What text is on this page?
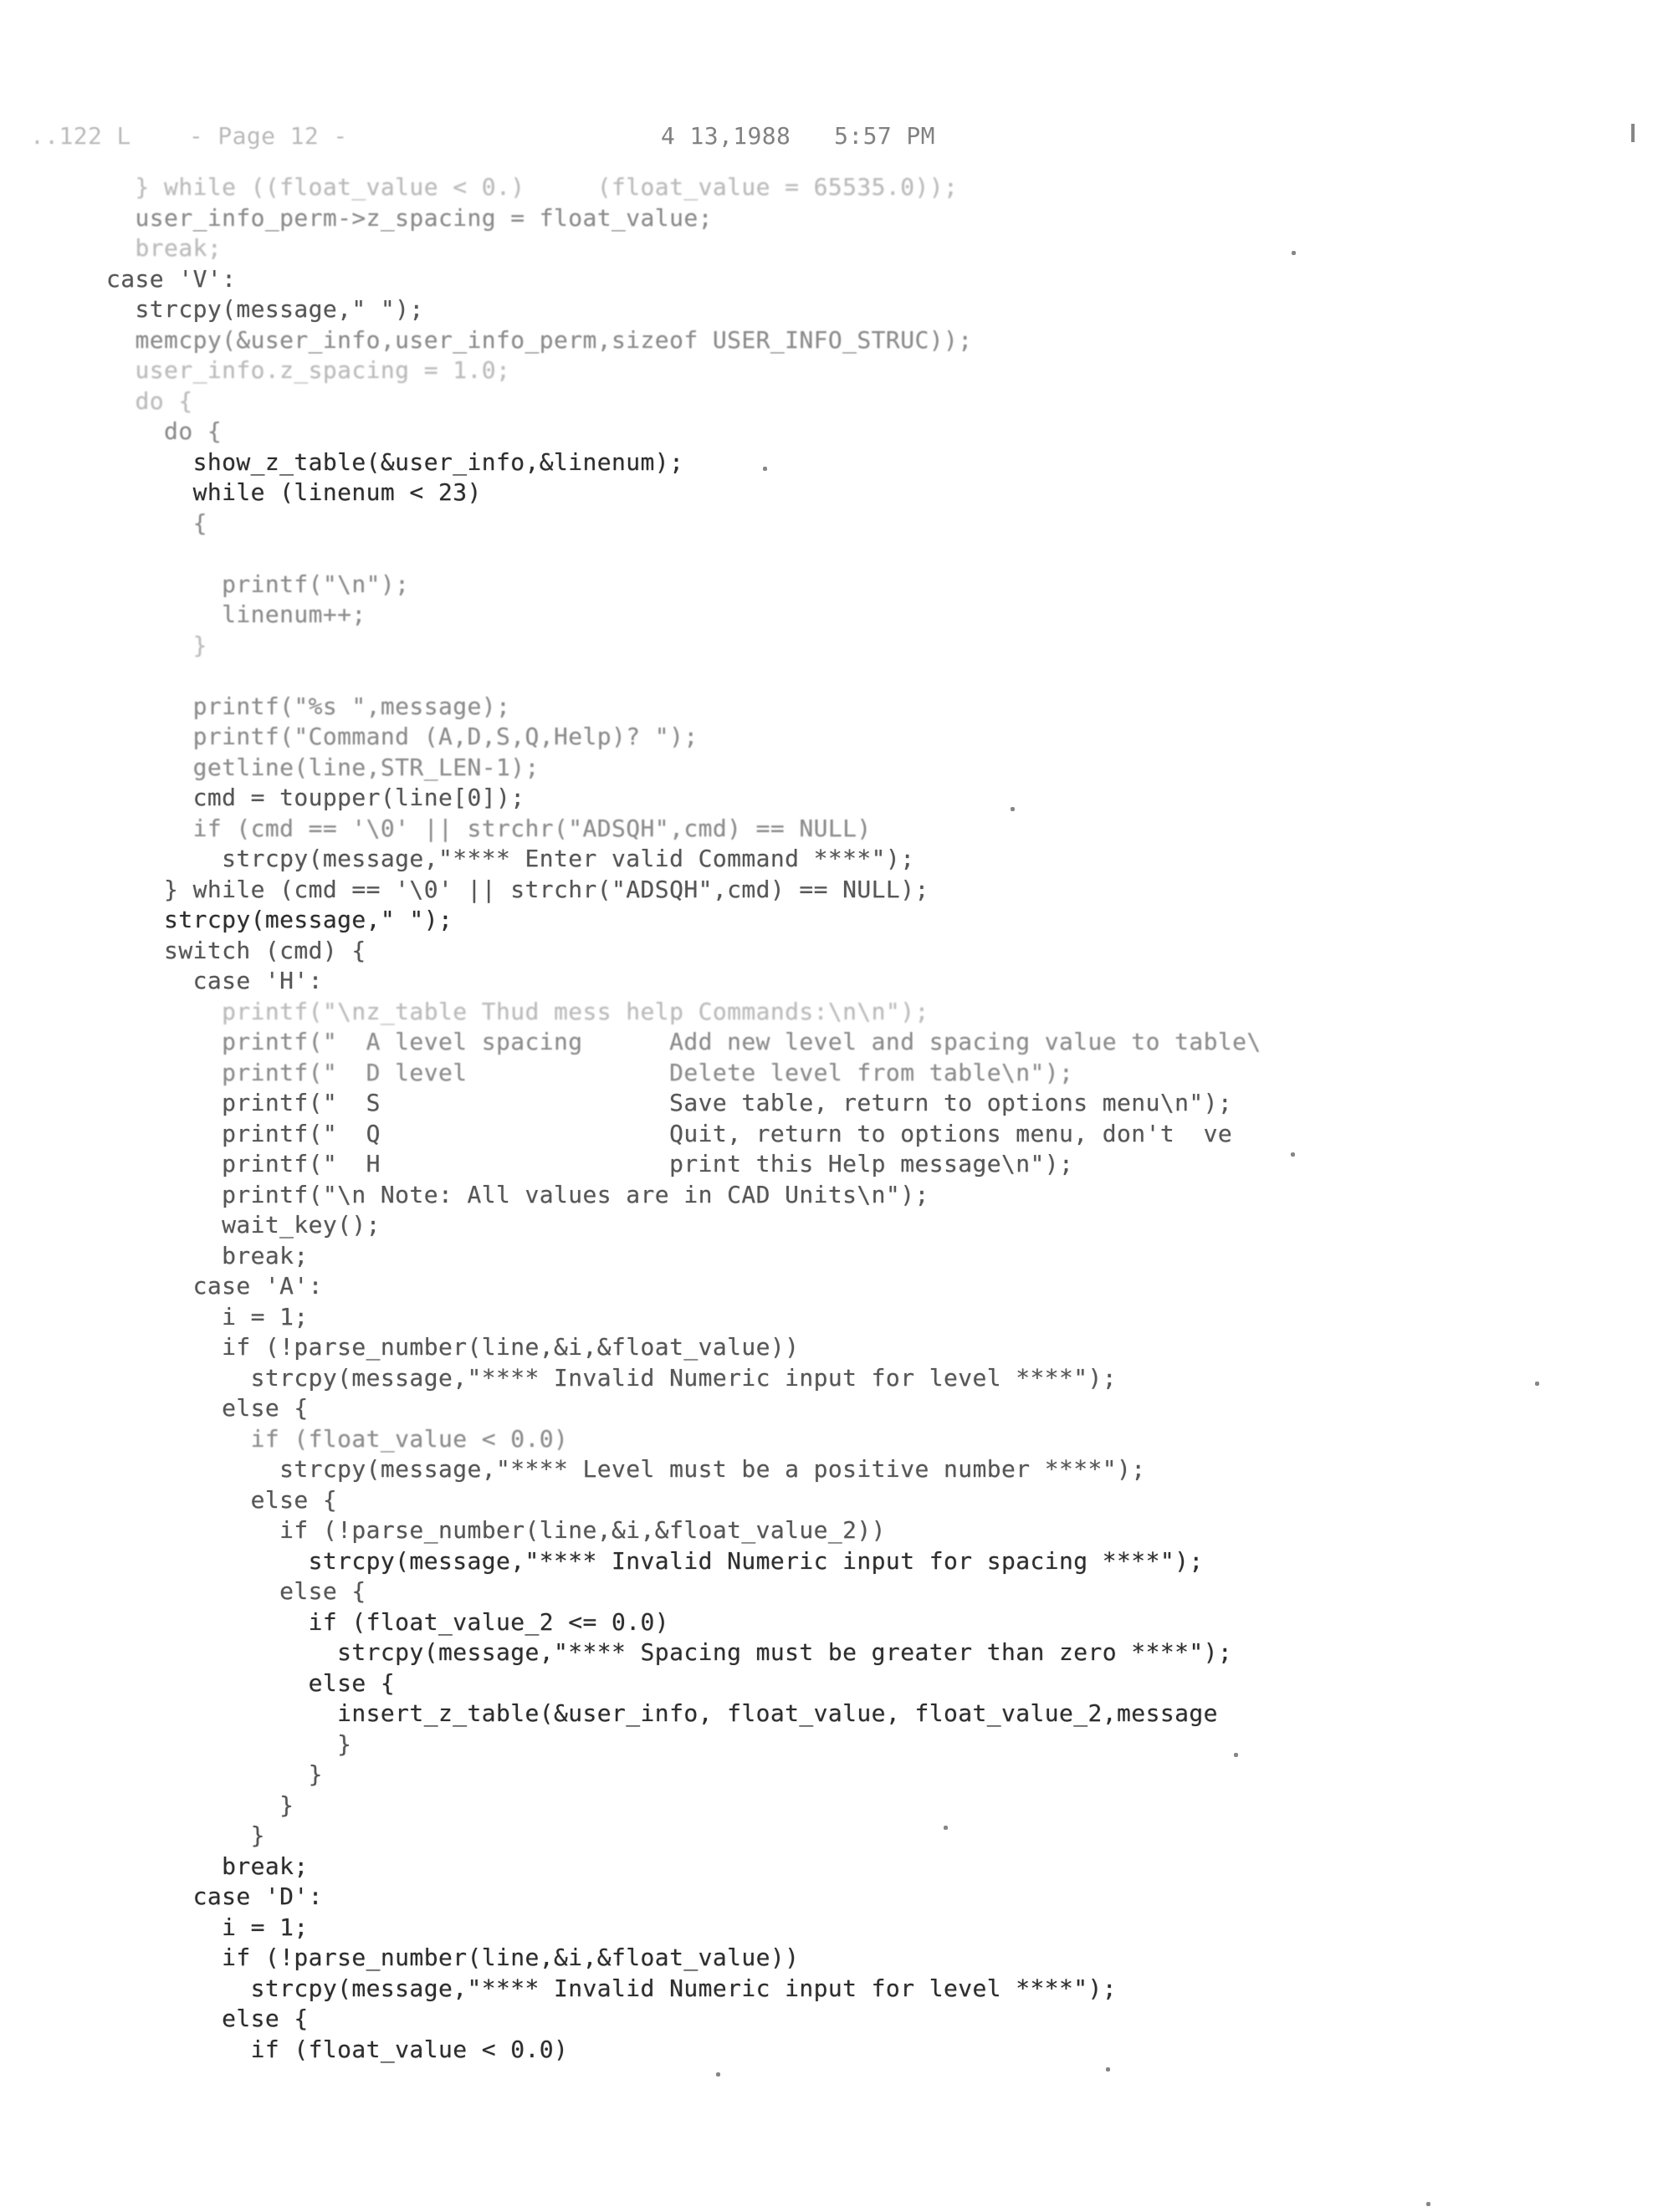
..122 L    - Page 12 -

	4 13,1988   5:57 PM

} while ((float_value < 0.)     (float_value = 65535.0));
user_info_perm->z_spacing = float_value;
break;
case 'V':
strcpy(message," ");
memcpy(&user_info,user_info_perm,sizeof USER_INFO_STRUC));
user_info.z_spacing = 1.0;
do {
do {
show_z_table(&user_info,&linenum);
while (linenum < 23)
{

printf("\n");
linenum++;
}

printf("%s ",message);
printf("Command (A,D,S,Q,Help)? ");
getline(line,STR_LEN-1);
cmd = toupper(line[0]);
if (cmd == '\0' || strchr("ADSQH",cmd) == NULL)
strcpy(message,"**** Enter valid Command ****");
} while (cmd == '\0' || strchr("ADSQH",cmd) == NULL);
strcpy(message," ");
switch (cmd) {
case 'H':
printf("\nz_table Thud mess help Commands:\n\n");
printf("  A level spacing      Add new level and spacing value to table\
printf("  D level              Delete level from table\n");
printf("  S                    Save table, return to options menu\n");
printf("  Q                    Quit, return to options menu, don't  ve
printf("  H                    print this Help message\n");
printf("\n Note: All values are in CAD Units\n");
wait_key();
break;
case 'A':
i = 1;
if (!parse_number(line,&i,&float_value))
strcpy(message,"**** Invalid Numeric input for level ****");
else {
if (float_value < 0.0)
strcpy(message,"**** Level must be a positive number ****");
else {
if (!parse_number(line,&i,&float_value_2))
strcpy(message,"**** Invalid Numeric input for spacing ****");
else {
if (float_value_2 <= 0.0)
strcpy(message,"**** Spacing must be greater than zero ****");
else {
insert_z_table(&user_info, float_value, float_value_2,message
}
}
}
}
break;
case 'D':
i = 1;
if (!parse_number(line,&i,&float_value))
strcpy(message,"**** Invalid Numeric input for level ****");
else {
if (float_value < 0.0)
